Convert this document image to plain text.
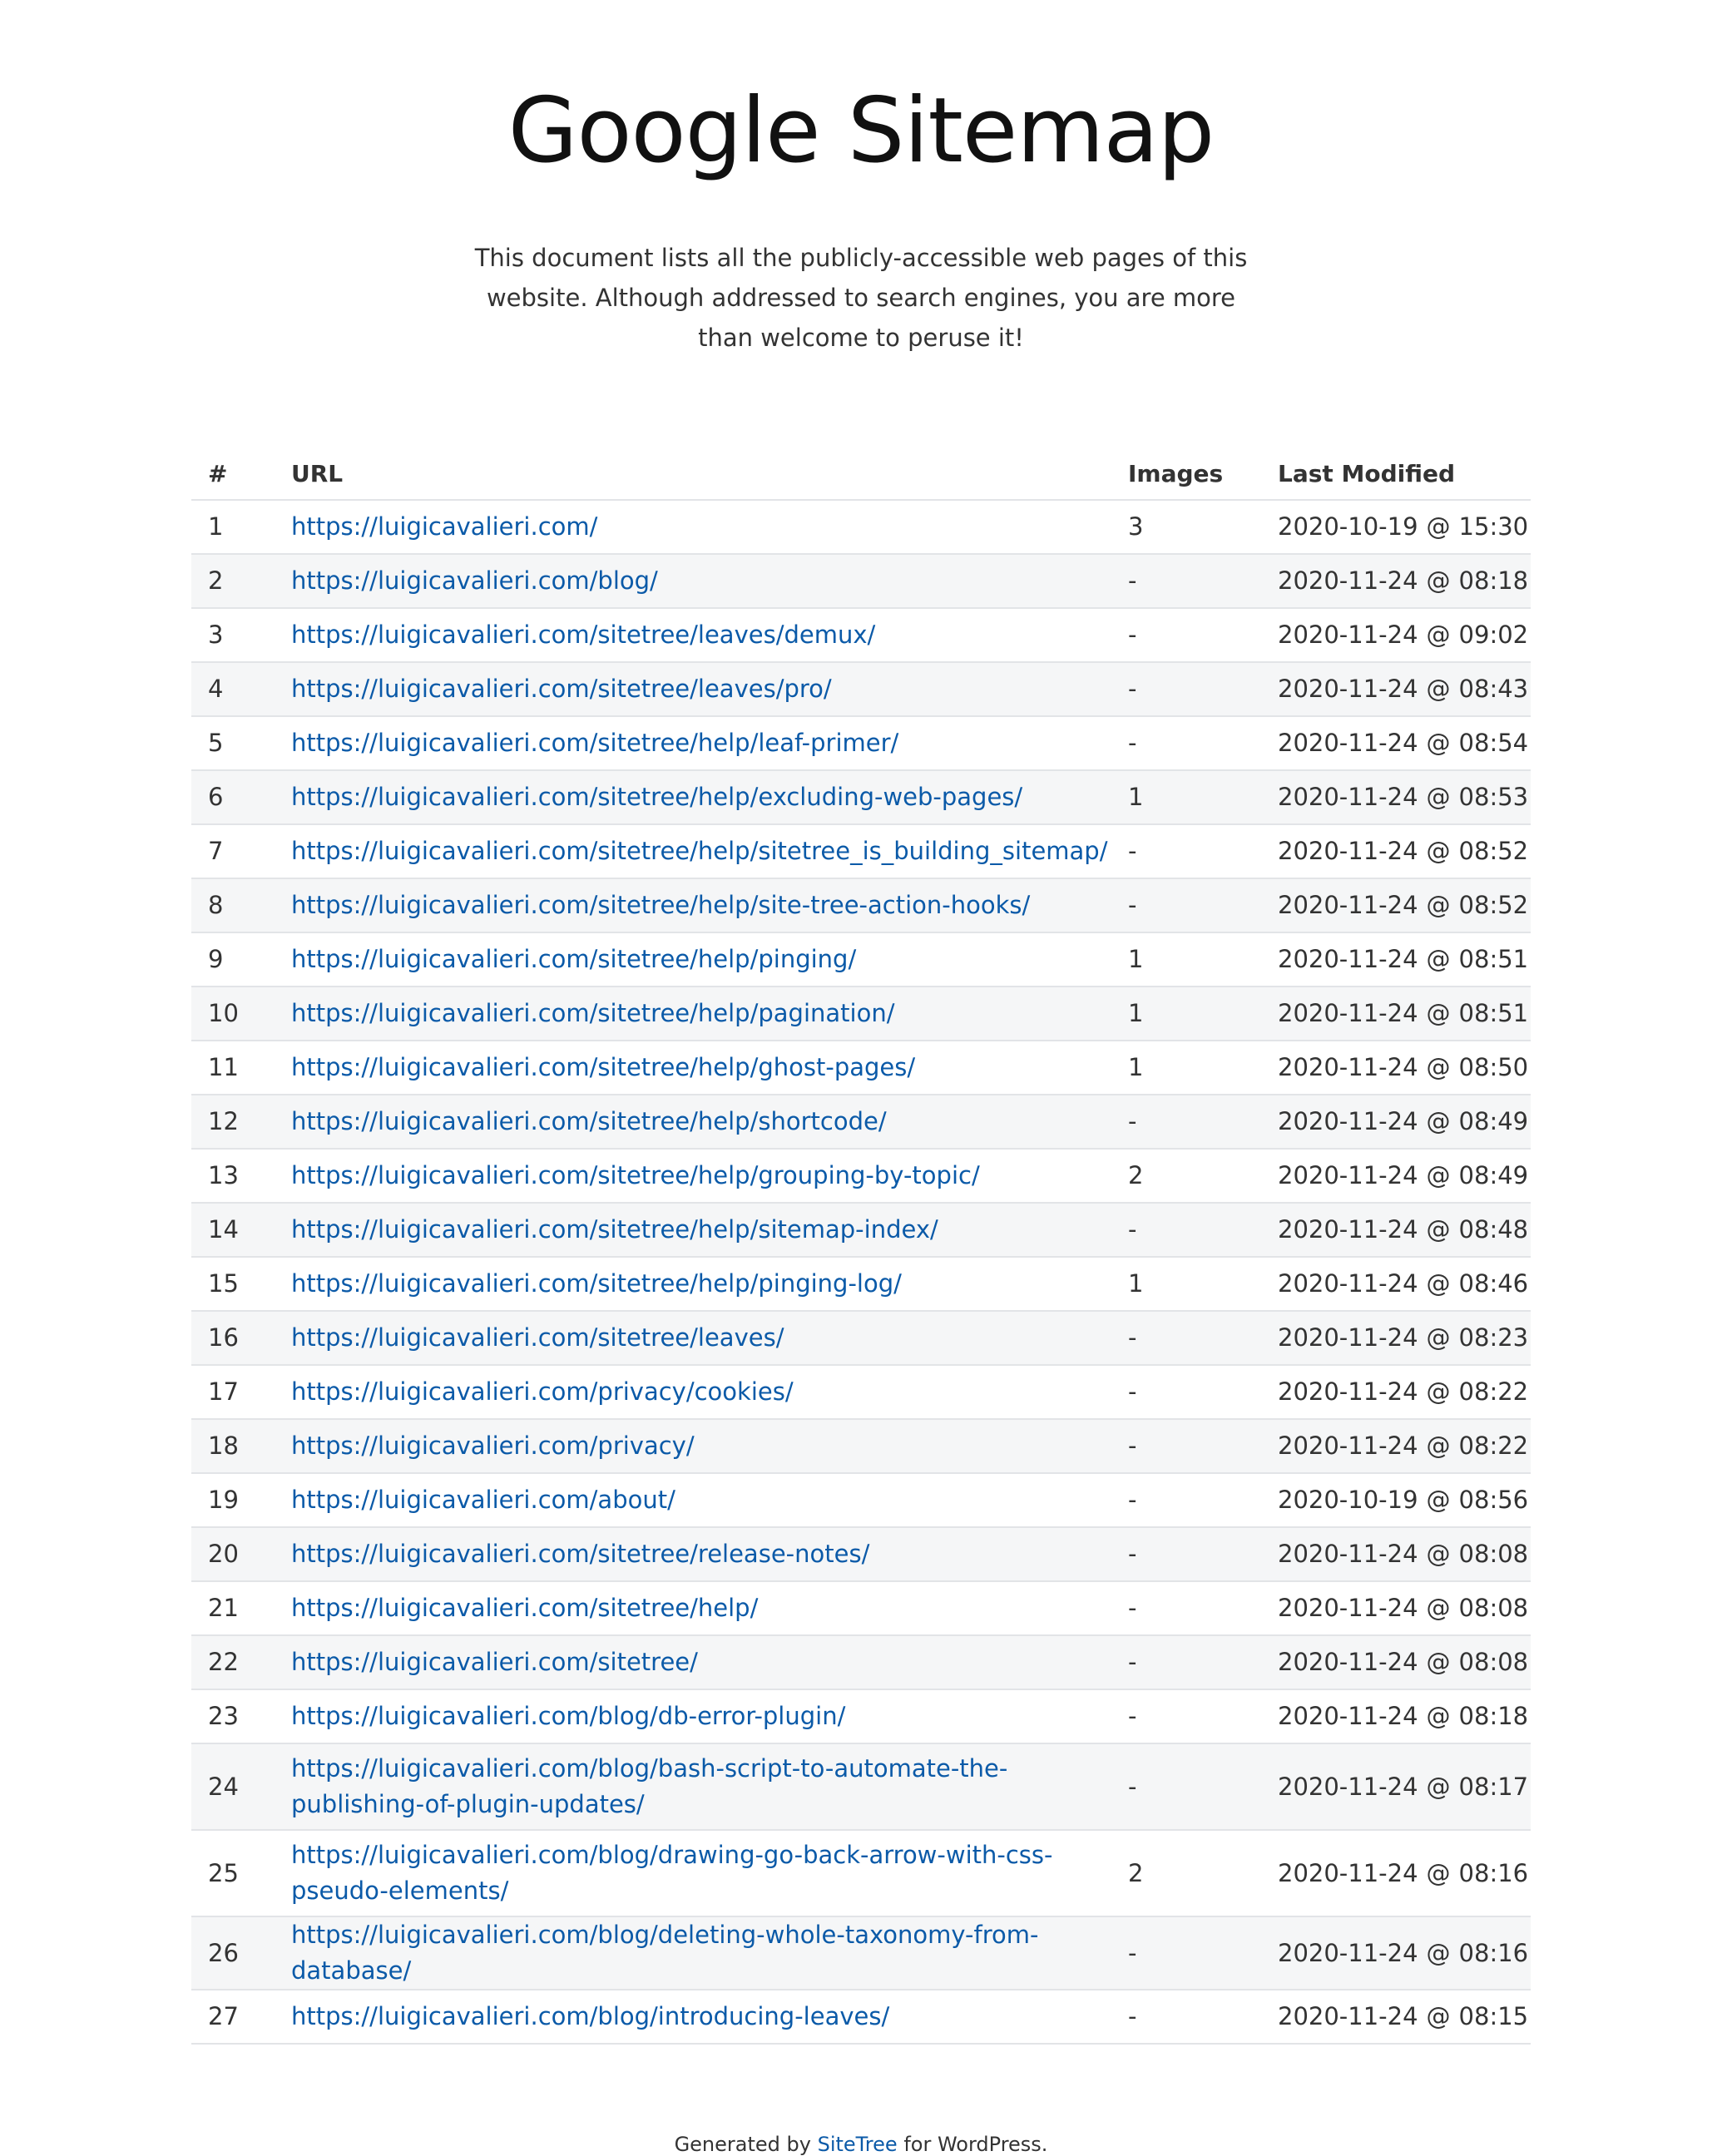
Google Sitemap

This document lists all the publicly-accessible web pages of this website. Although addressed to search engines, you are more than welcome to peruse it!

#	URL	Images	Last Modified
1	https://luigicavalieri.com/	3	2020-10-19 @ 15:30
2	https://luigicavalieri.com/blog/	-	2020-11-24 @ 08:18
3	https://luigicavalieri.com/sitetree/leaves/demux/	-	2020-11-24 @ 09:02
4	https://luigicavalieri.com/sitetree/leaves/pro/	-	2020-11-24 @ 08:43
5	https://luigicavalieri.com/sitetree/help/leaf-primer/	-	2020-11-24 @ 08:54
6	https://luigicavalieri.com/sitetree/help/excluding-web-pages/	1	2020-11-24 @ 08:53
7	https://luigicavalieri.com/sitetree/help/sitetree_is_building_sitemap/	-	2020-11-24 @ 08:52
8	https://luigicavalieri.com/sitetree/help/site-tree-action-hooks/	-	2020-11-24 @ 08:52
9	https://luigicavalieri.com/sitetree/help/pinging/	1	2020-11-24 @ 08:51
10	https://luigicavalieri.com/sitetree/help/pagination/	1	2020-11-24 @ 08:51
11	https://luigicavalieri.com/sitetree/help/ghost-pages/	1	2020-11-24 @ 08:50
12	https://luigicavalieri.com/sitetree/help/shortcode/	-	2020-11-24 @ 08:49
13	https://luigicavalieri.com/sitetree/help/grouping-by-topic/	2	2020-11-24 @ 08:49
14	https://luigicavalieri.com/sitetree/help/sitemap-index/	-	2020-11-24 @ 08:48
15	https://luigicavalieri.com/sitetree/help/pinging-log/	1	2020-11-24 @ 08:46
16	https://luigicavalieri.com/sitetree/leaves/	-	2020-11-24 @ 08:23
17	https://luigicavalieri.com/privacy/cookies/	-	2020-11-24 @ 08:22
18	https://luigicavalieri.com/privacy/	-	2020-11-24 @ 08:22
19	https://luigicavalieri.com/about/	-	2020-10-19 @ 08:56
20	https://luigicavalieri.com/sitetree/release-notes/	-	2020-11-24 @ 08:08
21	https://luigicavalieri.com/sitetree/help/	-	2020-11-24 @ 08:08
22	https://luigicavalieri.com/sitetree/	-	2020-11-24 @ 08:08
23	https://luigicavalieri.com/blog/db-error-plugin/	-	2020-11-24 @ 08:18
24	https://luigicavalieri.com/blog/bash-script-to-automate-the-publishing-of-plugin-updates/	-	2020-11-24 @ 08:17
25	https://luigicavalieri.com/blog/drawing-go-back-arrow-with-css-pseudo-elements/	2	2020-11-24 @ 08:16
26	https://luigicavalieri.com/blog/deleting-whole-taxonomy-from-database/	-	2020-11-24 @ 08:16
27	https://luigicavalieri.com/blog/introducing-leaves/	-	2020-11-24 @ 08:15
Generated by SiteTree for WordPress.
